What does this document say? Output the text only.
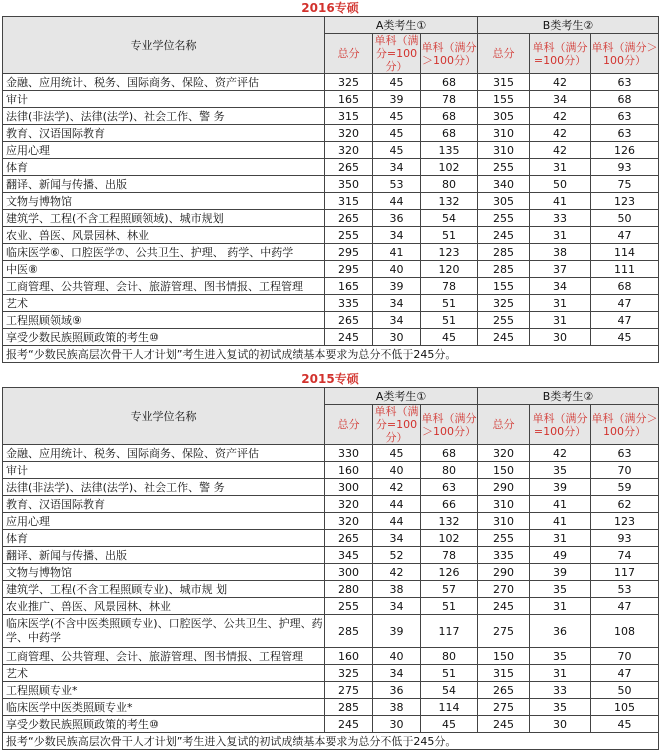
2016专硕
专业学位名称	A类考生①			B类考生②		
	总分	单科（满分=100分）	单科（满分＞100分）	总分	单科（满分=100分）	单科（满分＞100分）
金融、应用统计、税务、国际商务、保险、资产评估	325	45	68	315	42	63
审计	165	39	78	155	34	68
法律(非法学)、法律(法学)、社会工作、警 务	315	45	68	305	42	63
教育、汉语国际教育	320	45	68	310	42	63
应用心理	320	45	135	310	42	126
体育	265	34	102	255	31	93
翻译、新闻与传播、出版	350	53	80	340	50	75
文物与博物馆	315	44	132	305	41	123
建筑学、工程(不含工程照顾领域)、城市规划	265	36	54	255	33	50
农业、兽医、风景园林、林业	255	34	51	245	31	47
临床医学⑥、口腔医学⑦、公共卫生、护理、 药学、中药学	295	41	123	285	38	114
中医⑧	295	40	120	285	37	111
工商管理、公共管理、会计、旅游管理、图书情报、工程管理	165	39	78	155	34	68
艺术	335	34	51	325	31	47
工程照顾领域⑨	265	34	51	255	31	47
享受少数民族照顾政策的考生⑩	245	30	45	245	30	45
报考“少数民族高层次骨干人才计划”考生进入复试的初试成绩基本要求为总分不低于245分。						
2015专硕
专业学位名称	A类考生①			B类考生②		
	总分	单科（满分=100分）	单科（满分＞100分）	总分	单科（满分=100分）	单科（满分＞100分）
金融、应用统计、税务、国际商务、保险、资产评估	330	45	68	320	42	63
审计	160	40	80	150	35	70
法律(非法学)、法律(法学)、社会工作、警 务	300	42	63	290	39	59
教育、汉语国际教育	320	44	66	310	41	62
应用心理	320	44	132	310	41	123
体育	265	34	102	255	31	93
翻译、新闻与传播、出版	345	52	78	335	49	74
文物与博物馆	300	42	126	290	39	117
建筑学、工程(不含工程照顾专业)、城市规 划	280	38	57	270	35	53
农业推广、兽医、风景园林、林业	255	34	51	245	31	47
临床医学(不含中医类照顾专业)、口腔医学、公共卫生、护理、药学、中药学	285	39	117	275	36	108
工商管理、公共管理、会计、旅游管理、图书情报、工程管理	160	40	80	150	35	70
艺术	325	34	51	315	31	47
工程照顾专业*	275	36	54	265	33	50
临床医学中医类照顾专业*	285	38	114	275	35	105
享受少数民族照顾政策的考生⑩	245	30	45	245	30	45
报考“少数民族高层次骨干人才计划”考生进入复试的初试成绩基本要求为总分不低于245分。						
